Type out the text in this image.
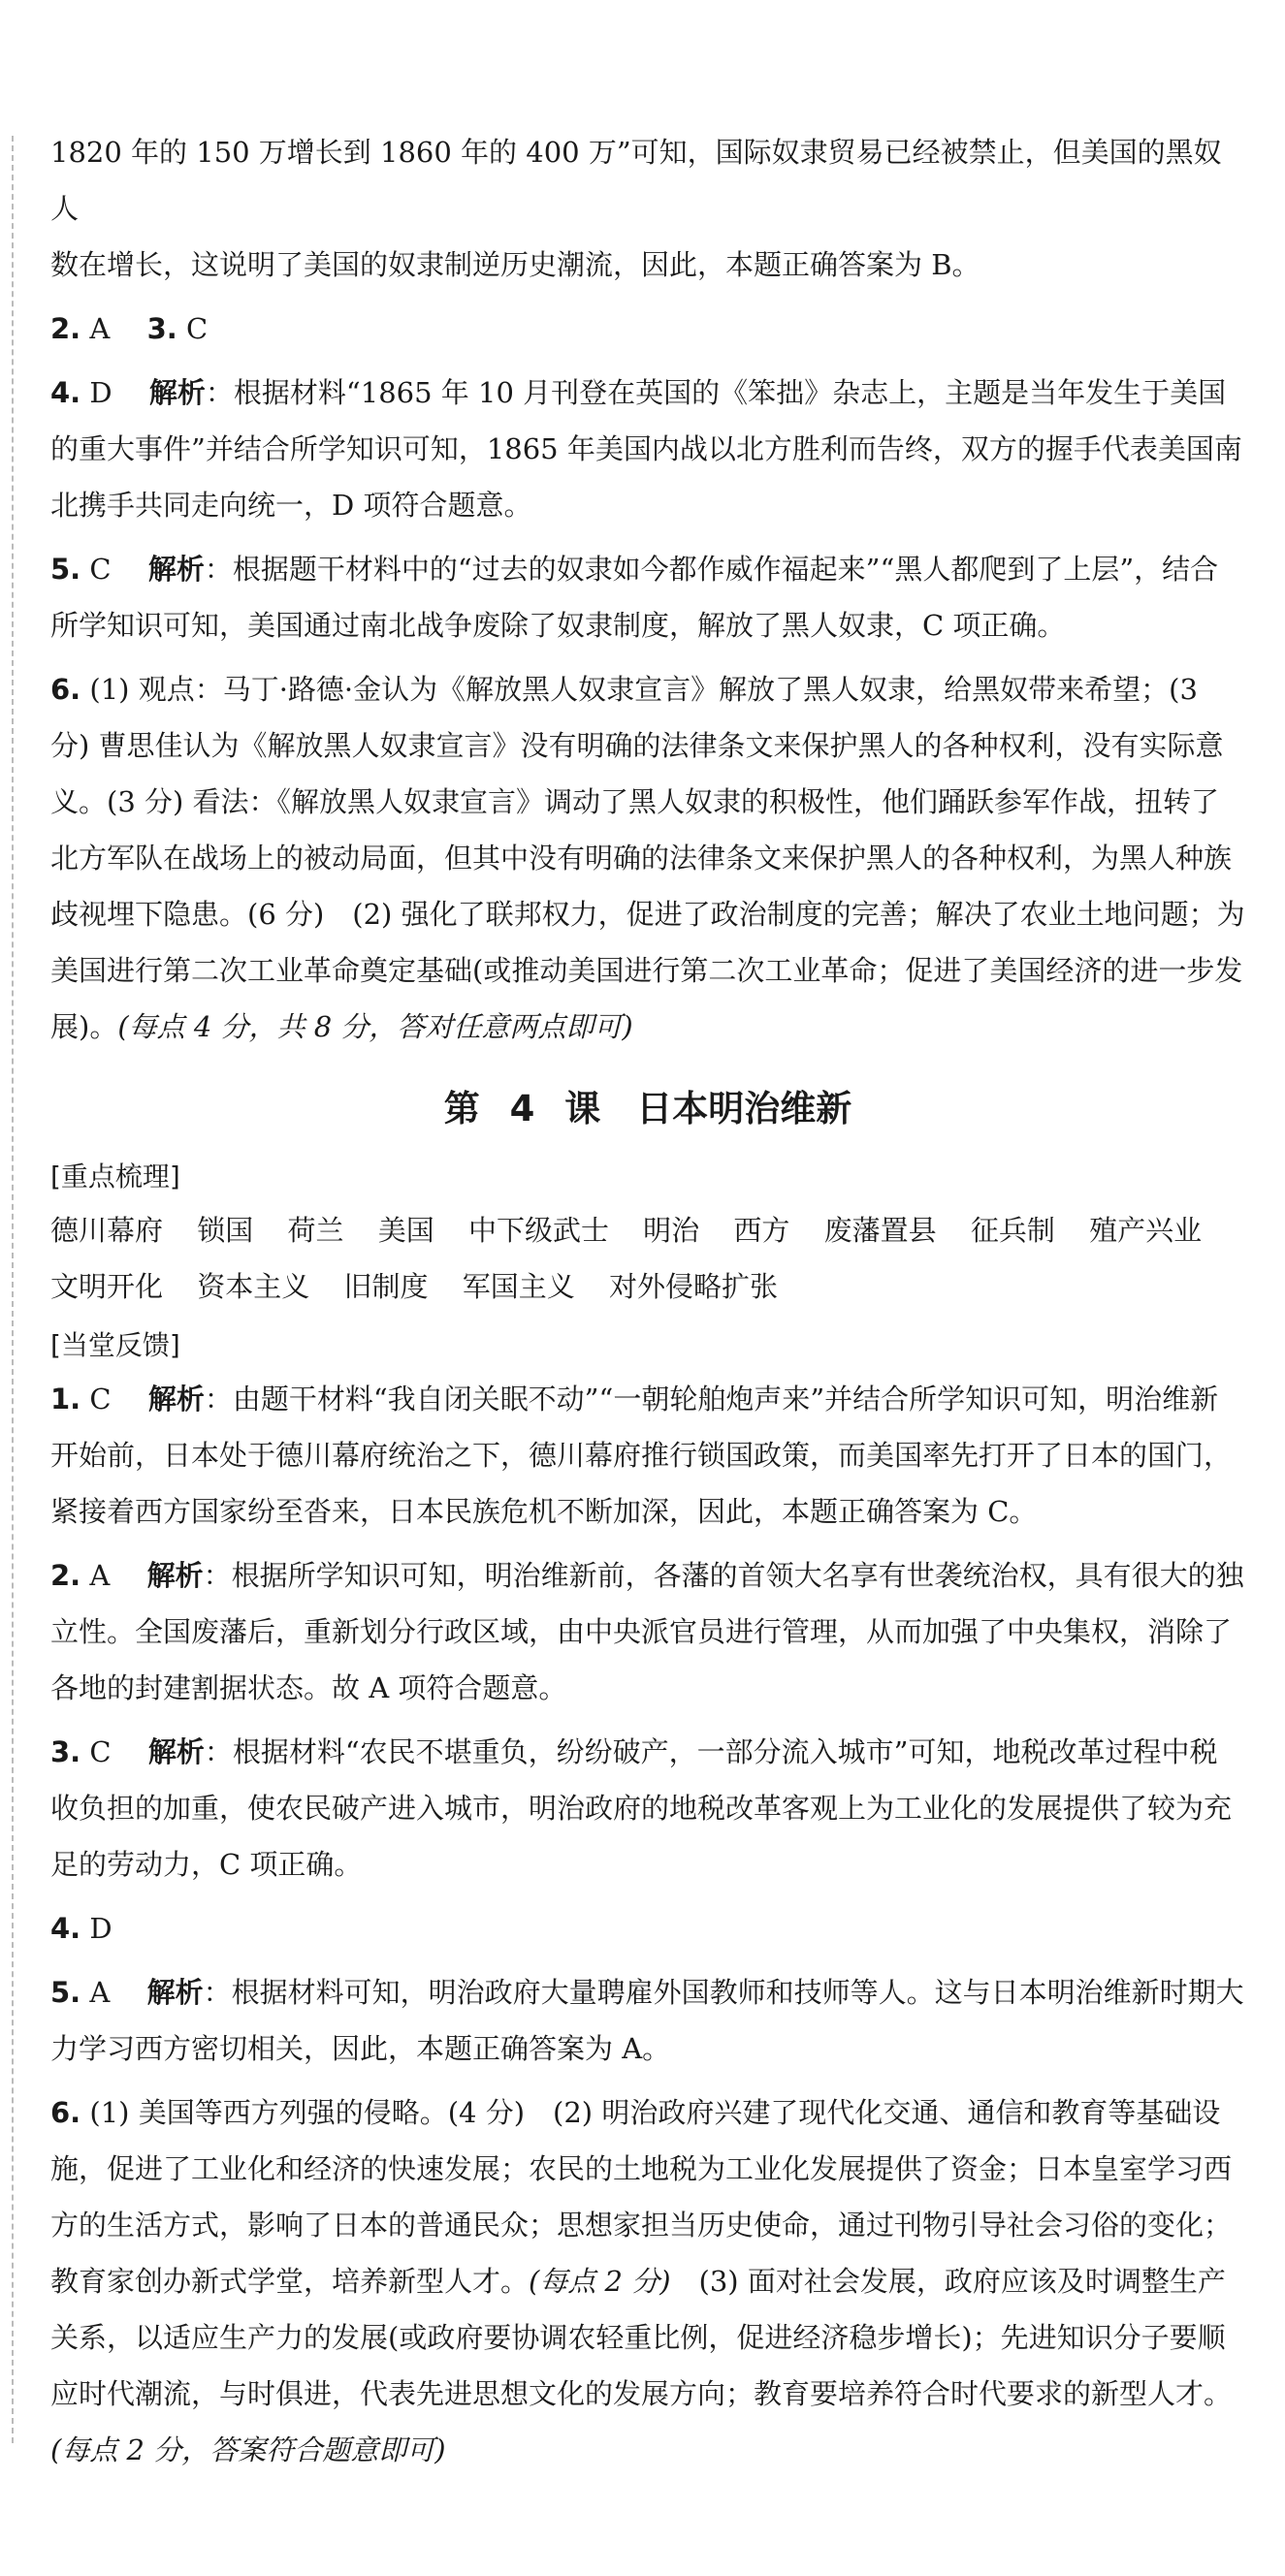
1820 年的 150 万增长到 1860 年的 400 万”可知，国际奴隶贸易已经被禁止，但美国的黑奴人

数在增长，这说明了美国的奴隶制逆历史潮流，因此，本题正确答案为 B。

2. A　 3. C

4. D　 解析：根据材料“1865 年 10 月刊登在英国的《笨拙》杂志上，主题是当年发生于美国的重大事件”并结合所学知识可知，1865 年美国内战以北方胜利而告终，双方的握手代表美国南北携手共同走向统一，D 项符合题意。

5. C　 解析：根据题干材料中的“过去的奴隶如今都作威作福起来”“黑人都爬到了上层”，结合所学知识可知，美国通过南北战争废除了奴隶制度，解放了黑人奴隶，C 项正确。

6. (1) 观点：马丁·路德·金认为《解放黑人奴隶宣言》解放了黑人奴隶，给黑奴带来希望；(3 分) 曹思佳认为《解放黑人奴隶宣言》没有明确的法律条文来保护黑人的各种权利，没有实际意义。(3 分) 看法：《解放黑人奴隶宣言》调动了黑人奴隶的积极性，他们踊跃参军作战，扭转了北方军队在战场上的被动局面，但其中没有明确的法律条文来保护黑人的各种权利，为黑人种族歧视埋下隐患。(6 分)　(2) 强化了联邦权力，促进了政治制度的完善；解决了农业土地问题；为美国进行第二次工业革命奠定基础(或推动美国进行第二次工业革命；促进了美国经济的进一步发展)。(每点 4 分，共 8 分，答对任意两点即可)

第 4 课　日本明治维新

[重点梳理]

德川幕府 锁国 荷兰 美国 中下级武士 明治 西方 废藩置县 征兵制 殖产兴业 文明开化 资本主义 旧制度 军国主义 对外侵略扩张

[当堂反馈]

1. C　 解析：由题干材料“我自闭关眠不动”“一朝轮舶炮声来”并结合所学知识可知，明治维新开始前，日本处于德川幕府统治之下，德川幕府推行锁国政策，而美国率先打开了日本的国门，紧接着西方国家纷至沓来，日本民族危机不断加深，因此，本题正确答案为 C。

2. A　 解析：根据所学知识可知，明治维新前，各藩的首领大名享有世袭统治权，具有很大的独立性。全国废藩后，重新划分行政区域，由中央派官员进行管理，从而加强了中央集权，消除了各地的封建割据状态。故 A 项符合题意。

3. C　 解析：根据材料“农民不堪重负，纷纷破产，一部分流入城市”可知，地税改革过程中税收负担的加重，使农民破产进入城市，明治政府的地税改革客观上为工业化的发展提供了较为充足的劳动力，C 项正确。

4. D

5. A　 解析：根据材料可知，明治政府大量聘雇外国教师和技师等人。这与日本明治维新时期大力学习西方密切相关，因此，本题正确答案为 A。

6. (1) 美国等西方列强的侵略。(4 分)　(2) 明治政府兴建了现代化交通、通信和教育等基础设施，促进了工业化和经济的快速发展；农民的土地税为工业化发展提供了资金；日本皇室学习西方的生活方式，影响了日本的普通民众；思想家担当历史使命，通过刊物引导社会习俗的变化；教育家创办新式学堂，培养新型人才。(每点 2 分)　(3) 面对社会发展，政府应该及时调整生产关系，以适应生产力的发展(或政府要协调农轻重比例，促进经济稳步增长)；先进知识分子要顺应时代潮流，与时俱进，代表先进思想文化的发展方向；教育要培养符合时代要求的新型人才。(每点 2 分，答案符合题意即可)
